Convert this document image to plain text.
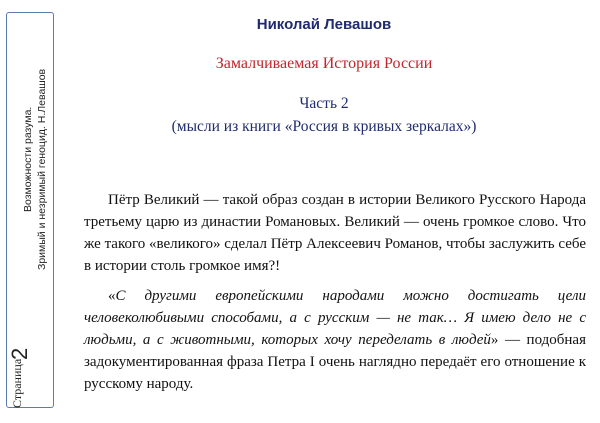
Страница
2
Возможности разума. Зримый и незримый геноцид. Н.Левашов
Николай Левашов
Замалчиваемая История России
Часть 2
(мысли из книги «Россия в кривых зеркалах»)

Пётр Великий — такой образ создан в истории Великого Русского Народа третьему царю из династии Романовых. Великий — очень громкое слово. Что же такого «великого» сделал Пётр Алексеевич Романов, чтобы заслужить себе в истории столь громкое имя?!

«С другими европейскими народами можно достигать цели человеколюбивыми способами, а с русским — не так… Я имею дело не с людьми, а с животными, которых хочу переделать в людей» — подобная задокументированная фраза Петра I очень наглядно передаёт его отношение к русскому народу.
